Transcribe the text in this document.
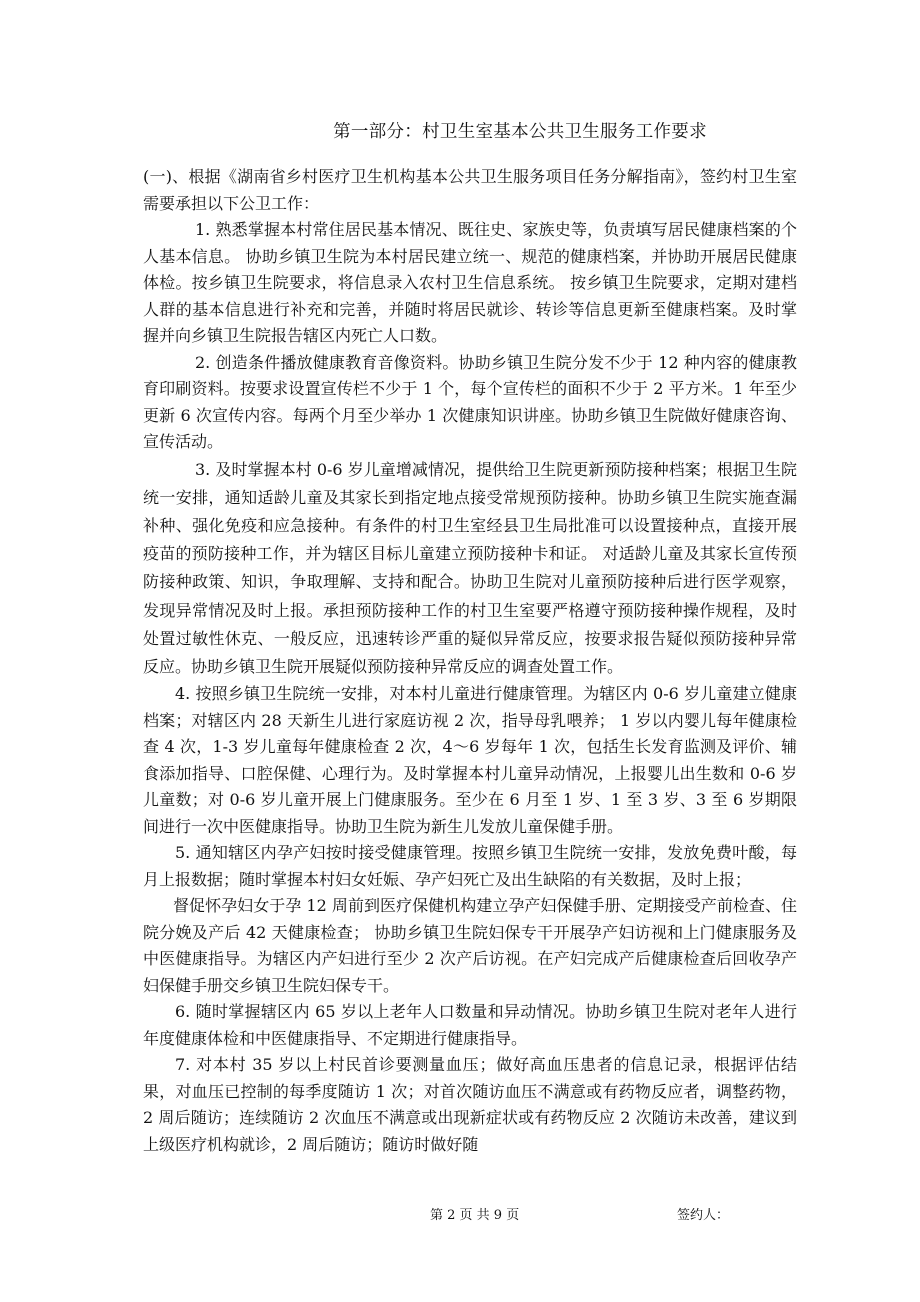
第一部分：村卫生室基本公共卫生服务工作要求

(一)、根据《湖南省乡村医疗卫生机构基本公共卫生服务项目任务分解指南》，签约村卫生室需要承担以下公卫工作：

1. 熟悉掌握本村常住居民基本情况、既往史、家族史等，负责填写居民健康档案的个人基本信息。 协助乡镇卫生院为本村居民建立统一、规范的健康档案，并协助开展居民健康体检。按乡镇卫生院要求，将信息录入农村卫生信息系统。 按乡镇卫生院要求，定期对建档人群的基本信息进行补充和完善，并随时将居民就诊、转诊等信息更新至健康档案。及时掌握并向乡镇卫生院报告辖区内死亡人口数。

2. 创造条件播放健康教育音像资料。协助乡镇卫生院分发不少于 12 种内容的健康教育印刷资料。按要求设置宣传栏不少于 1 个，每个宣传栏的面积不少于 2 平方米。1 年至少更新 6 次宣传内容。每两个月至少举办 1 次健康知识讲座。协助乡镇卫生院做好健康咨询、宣传活动。

3. 及时掌握本村 0-6 岁儿童增减情况，提供给卫生院更新预防接种档案；根据卫生院统一安排，通知适龄儿童及其家长到指定地点接受常规预防接种。协助乡镇卫生院实施查漏补种、强化免疫和应急接种。有条件的村卫生室经县卫生局批准可以设置接种点，直接开展疫苗的预防接种工作，并为辖区目标儿童建立预防接种卡和证。 对适龄儿童及其家长宣传预防接种政策、知识，争取理解、支持和配合。协助卫生院对儿童预防接种后进行医学观察，发现异常情况及时上报。承担预防接种工作的村卫生室要严格遵守预防接种操作规程，及时处置过敏性休克、一般反应，迅速转诊严重的疑似异常反应，按要求报告疑似预防接种异常反应。协助乡镇卫生院开展疑似预防接种异常反应的调查处置工作。

4. 按照乡镇卫生院统一安排，对本村儿童进行健康管理。为辖区内 0-6 岁儿童建立健康档案；对辖区内 28 天新生儿进行家庭访视 2 次，指导母乳喂养； 1 岁以内婴儿每年健康检查 4 次，1-3 岁儿童每年健康检查 2 次，4～6 岁每年 1 次，包括生长发育监测及评价、辅食添加指导、口腔保健、心理行为。及时掌握本村儿童异动情况，上报婴儿出生数和 0-6 岁儿童数；对 0-6 岁儿童开展上门健康服务。至少在 6 月至 1 岁、1 至 3 岁、3 至 6 岁期限间进行一次中医健康指导。协助卫生院为新生儿发放儿童保健手册。

5. 通知辖区内孕产妇按时接受健康管理。按照乡镇卫生院统一安排，发放免费叶酸，每月上报数据；随时掌握本村妇女妊娠、孕产妇死亡及出生缺陷的有关数据，及时上报；

督促怀孕妇女于孕 12 周前到医疗保健机构建立孕产妇保健手册、定期接受产前检查、住院分娩及产后 42 天健康检查； 协助乡镇卫生院妇保专干开展孕产妇访视和上门健康服务及中医健康指导。为辖区内产妇进行至少 2 次产后访视。在产妇完成产后健康检查后回收孕产妇保健手册交乡镇卫生院妇保专干。

6. 随时掌握辖区内 65 岁以上老年人口数量和异动情况。协助乡镇卫生院对老年人进行年度健康体检和中医健康指导、不定期进行健康指导。

7. 对本村 35 岁以上村民首诊要测量血压；做好高血压患者的信息记录，根据评估结果，对血压已控制的每季度随访 1 次；对首次随访血压不满意或有药物反应者，调整药物，2 周后随访；连续随访 2 次血压不满意或出现新症状或有药物反应 2 次随访未改善，建议到上级医疗机构就诊，2 周后随访；随访时做好随

第 2 页 共 9 页	签约人：
